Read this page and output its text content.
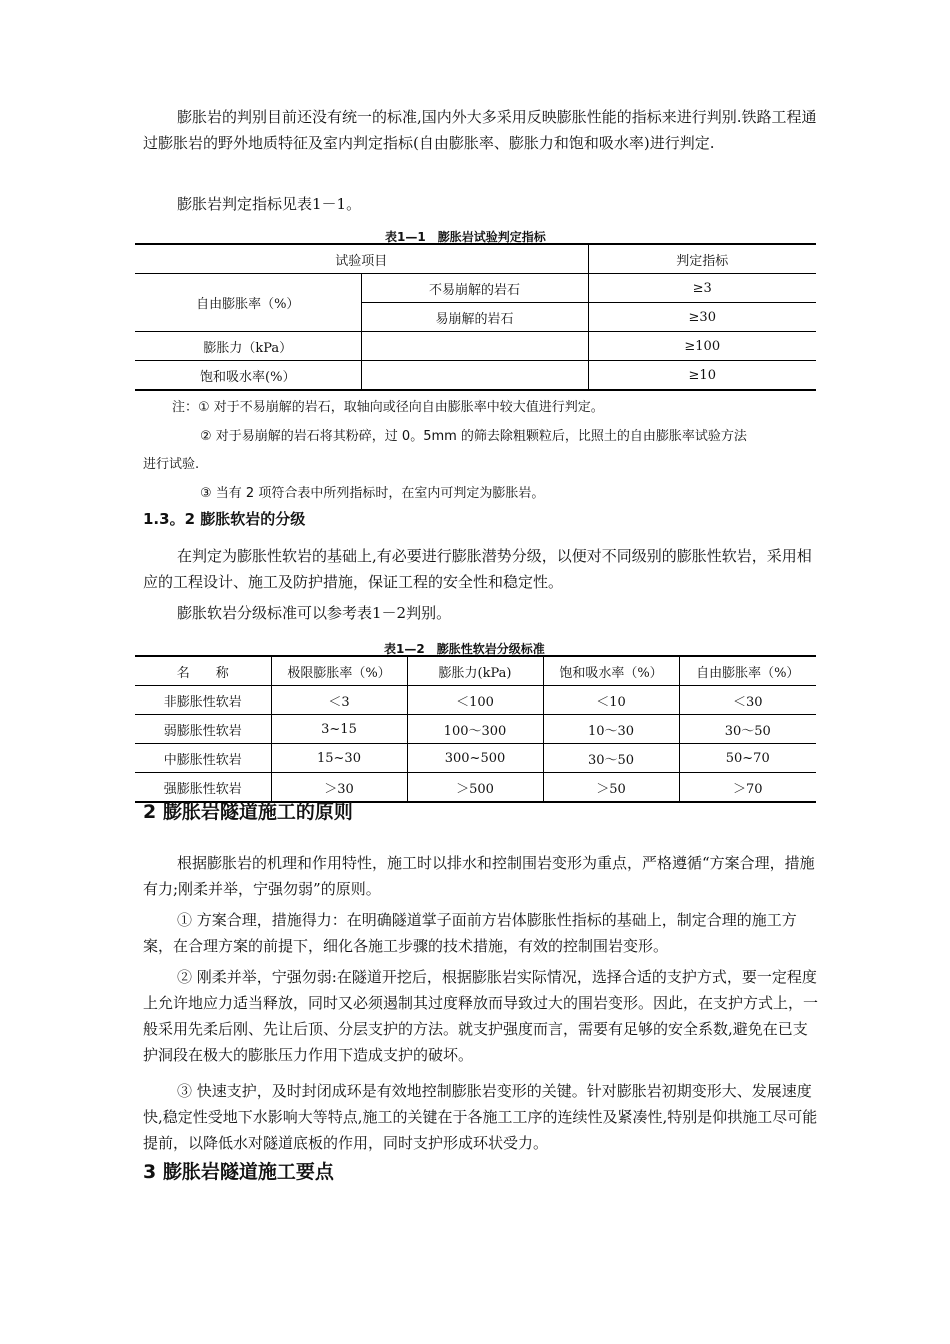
膨胀岩的判别目前还没有统一的标准,国内外大多采用反映膨胀性能的指标来进行判别.铁路工程通过膨胀岩的野外地质特征及室内判定指标(自由膨胀率、膨胀力和饱和吸水率)进行判定.

膨胀岩判定指标见表1－1。

表1—1　膨胀岩试验判定指标
试验项目		判定指标
自由膨胀率（%）	不易崩解的岩石	≥3
	易崩解的岩石	≥30
膨胀力（kPa）		≥100
饱和吸水率(%）		≥10

注：① 对于不易崩解的岩石，取轴向或径向自由膨胀率中较大值进行判定。

② 对于易崩解的岩石将其粉碎，过 0。5mm 的筛去除粗颗粒后，比照土的自由膨胀率试验方法

进行试验.

③ 当有 2 项符合表中所列指标时，在室内可判定为膨胀岩。

1.3。2 膨胀软岩的分级

在判定为膨胀性软岩的基础上,有必要进行膨胀潜势分级，以便对不同级别的膨胀性软岩，采用相应的工程设计、施工及防护措施，保证工程的安全性和稳定性。

膨胀软岩分级标准可以参考表1－2判别。

表1—2　膨胀性软岩分级标准
名　　称	极限膨胀率（%）	膨胀力(kPa)	饱和吸水率（%）	自由膨胀率（%）
非膨胀性软岩	＜3	＜100	＜10	＜30
弱膨胀性软岩	3~15	100～300	10～30	30～50
中膨胀性软岩	15~30	300~500	30～50	50~70
强膨胀性软岩	＞30	＞500	＞50	＞70
2 膨胀岩隧道施工的原则

根据膨胀岩的机理和作用特性，施工时以排水和控制围岩变形为重点，严格遵循“方案合理，措施有力;刚柔并举，宁强勿弱”的原则。

① 方案合理，措施得力：在明确隧道掌子面前方岩体膨胀性指标的基础上，制定合理的施工方案，在合理方案的前提下，细化各施工步骤的技术措施，有效的控制围岩变形。

② 刚柔并举，宁强勿弱:在隧道开挖后，根据膨胀岩实际情况，选择合适的支护方式，要一定程度上允许地应力适当释放，同时又必须遏制其过度释放而导致过大的围岩变形。因此，在支护方式上，一般采用先柔后刚、先让后顶、分层支护的方法。就支护强度而言，需要有足够的安全系数,避免在已支护洞段在极大的膨胀压力作用下造成支护的破坏。

③ 快速支护，及时封闭成环是有效地控制膨胀岩变形的关键。针对膨胀岩初期变形大、发展速度快,稳定性受地下水影响大等特点,施工的关键在于各施工工序的连续性及紧凑性,特别是仰拱施工尽可能提前，以降低水对隧道底板的作用，同时支护形成环状受力。

3 膨胀岩隧道施工要点
